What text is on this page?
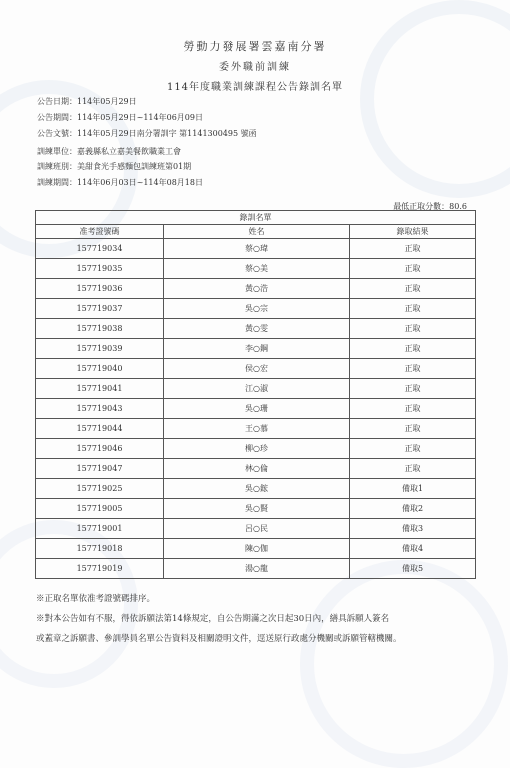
勞動力發展署雲嘉南分署
委外職前訓練
114年度職業訓練課程公告錄訓名單
公告日期：114年05月29日
公告期間：114年05月29日~114年06月09日
公告文號：114年05月29日南分署訓字 第1141300495 號函
訓練單位：嘉義縣私立嘉美餐飲職業工會
訓練班別：美甜食光手感麵包訓練班第01期
訓練期間：114年06月03日~114年08月18日
最低正取分數：80.6
錄訓名單		
准考證號碼	姓名	錄取結果
157719034	蔡○瑋	正取
157719035	蔡○美	正取
157719036	黃○浩	正取
157719037	吳○宗	正取
157719038	黃○雯	正取
157719039	李○鋼	正取
157719040	侯○宏	正取
157719041	江○淑	正取
157719043	吳○珊	正取
157719044	王○慕	正取
157719046	柳○珍	正取
157719047	林○倫	正取
157719025	吳○鋐	備取1
157719005	吳○賢	備取2
157719001	呂○民	備取3
157719018	陳○伽	備取4
157719019	湯○龍	備取5
※正取名單依准考證號碼排序。
※對本公告如有不服，得依訴願法第14條規定，自公告期滿之次日起30日內，繕具訴願人簽名
或蓋章之訴願書、參訓學員名單公告資料及相關證明文件，逕送原行政處分機關或訴願管轄機關。
